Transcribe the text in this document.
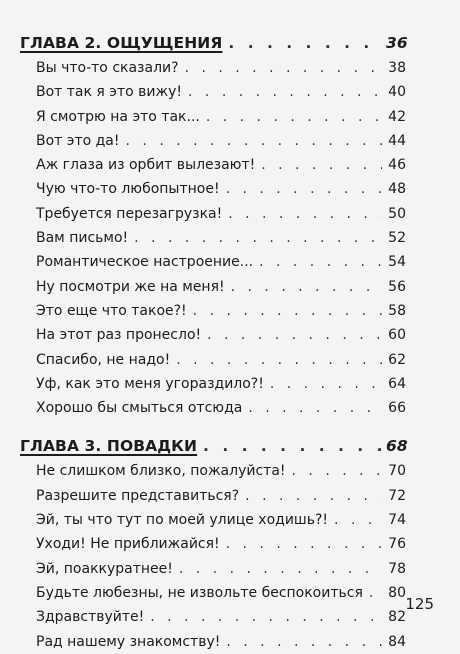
ГЛАВА 2. ОЩУЩЕНИЯ . . .	36
Вы что-то сказали? . . .	38
Вот так я это вижу! . . .	40
Я смотрю на это так... . . .	42
Вот это да! . . .	44
Аж глаза из орбит вылезают! . . .	46
Чую что-то любопытное! . . .	48
Требуется перезагрузка! . . .	50
Вам письмо! . . .	52
Романтическое настроение... . . .	54
Ну посмотри же на меня! . . .	56
Это еще что такое?! . . .	58
На этот раз пронесло! . . .	60
Спасибо, не надо! . . .	62
Уф, как это меня угораздило?! . . .	64
Хорошо бы смыться отсюда . . .	66
ГЛАВА 3. ПОВАДКИ . . .	68
Не слишком близко, пожалуйста! . . .	70
Разрешите представиться? . . .	72
Эй, ты что тут по моей улице ходишь?! . . .	74
Уходи! Не приближайся! . . .	76
Эй, поаккуратнее! . . .	78
Будьте любезны, не извольте беспокоиться . . . 80
Здравствуйте! . . .	82
Рад нашему знакомству! . . .	84
125
